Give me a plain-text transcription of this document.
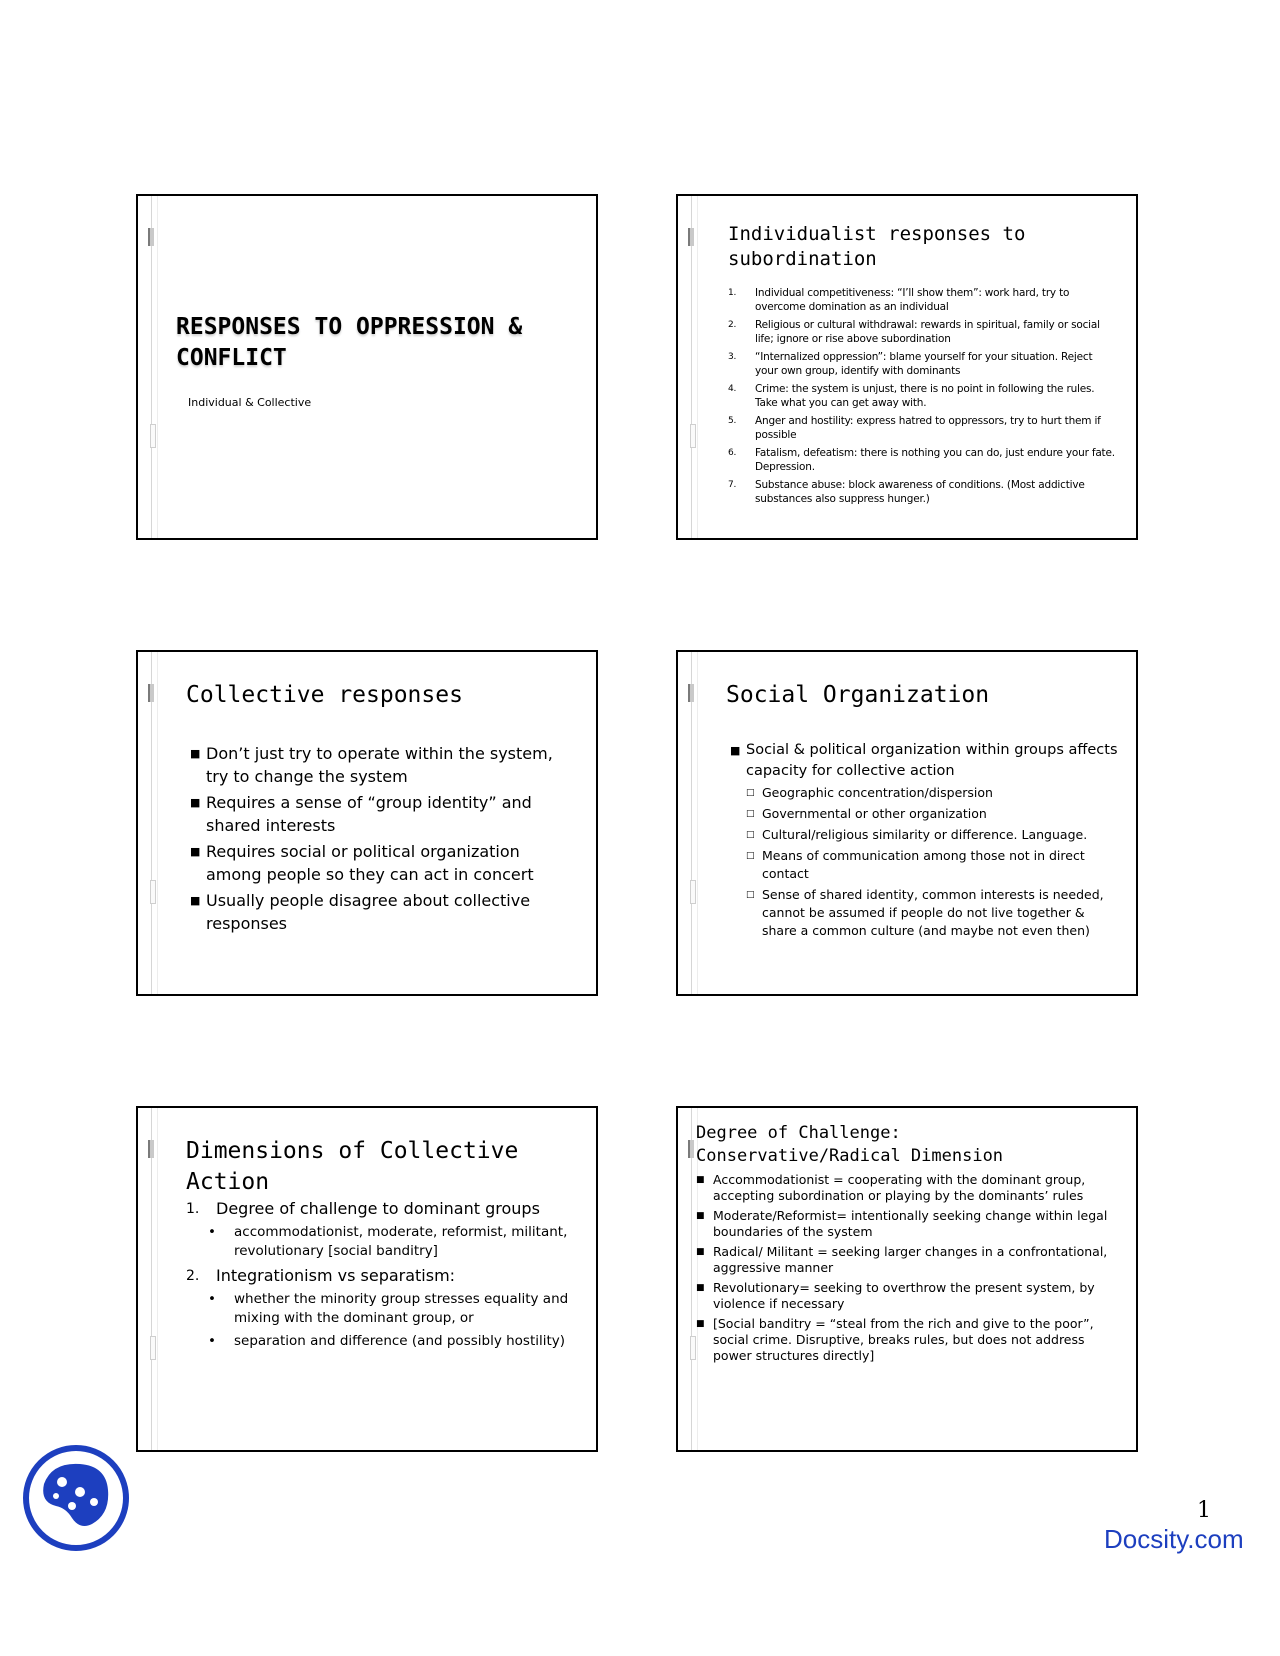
RESPONSES TO OPPRESSION &
CONFLICT
Individual & Collective
Individualist responses to
subordination
1.	Individual competitiveness: “I’ll show them”: work hard, try to overcome domination as an individual
2.	Religious or cultural withdrawal: rewards in spiritual, family or social life; ignore or rise above subordination
3.	“Internalized oppression”: blame yourself for your situation. Reject your own group, identify with dominants
4.	Crime: the system is unjust, there is no point in following the rules. Take what you can get away with.
5.	Anger and hostility: express hatred to oppressors, try to hurt them if possible
6.	Fatalism, defeatism: there is nothing you can do, just endure your fate. Depression.
7.	Substance abuse: block awareness of conditions. (Most addictive substances also suppress hunger.)
Collective responses
■ Don’t just try to operate within the system, try to change the system
■ Requires a sense of “group identity” and shared interests
■ Requires social or political organization among people so they can act in concert
■ Usually people disagree about collective responses
Social Organization
■ Social & political organization within groups affects capacity for collective action
□ Geographic concentration/dispersion
□ Governmental or other organization
□ Cultural/religious similarity or difference. Language.
□ Means of communication among those not in direct contact
□ Sense of shared identity, common interests is needed, cannot be assumed if people do not live together & share a common culture (and maybe not even then)
Dimensions of Collective
Action
1.	Degree of challenge to dominant groups
•	accommodationist, moderate, reformist, militant, revolutionary [social banditry]
2.	Integrationism vs separatism:
•	whether the minority group stresses equality and mixing with the dominant group, or
•	separation and difference (and possibly hostility)
Degree of Challenge:
Conservative/Radical Dimension
■ Accommodationist = cooperating with the dominant group, accepting subordination or playing by the dominants’ rules
■ Moderate/Reformist= intentionally seeking change within legal boundaries of the system
■ Radical/ Militant = seeking larger changes in a confrontational, aggressive manner
■ Revolutionary= seeking to overthrow the present system, by violence if necessary
■ [Social banditry = “steal from the rich and give to the poor”, social crime. Disruptive, breaks rules, but does not address power structures directly]
1
Docsity.com
